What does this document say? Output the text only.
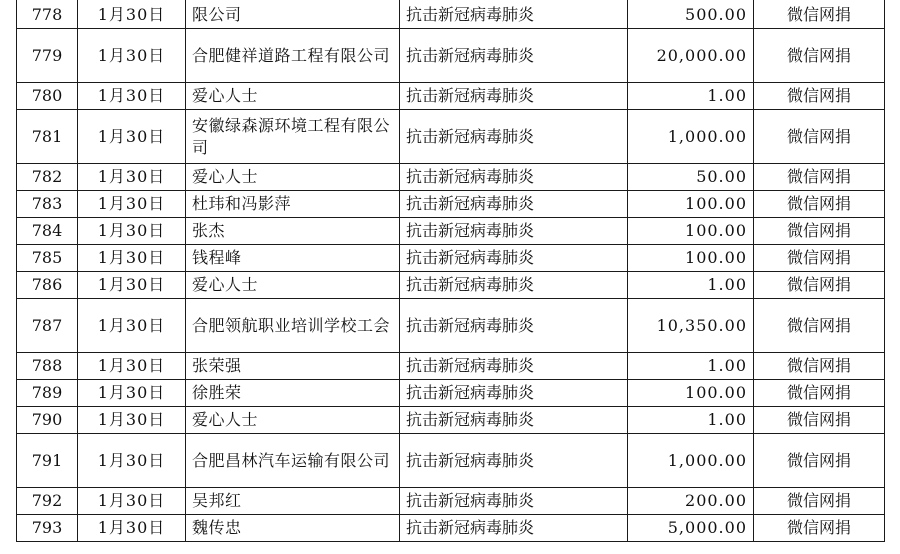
778	1月30日	限公司	抗击新冠病毒肺炎	500.00	微信网捐
779	1月30日	合肥健祥道路工程有限公司	抗击新冠病毒肺炎	20,000.00	微信网捐
780	1月30日	爱心人士	抗击新冠病毒肺炎	1.00	微信网捐
781	1月30日	安徽绿森源环境工程有限公司	抗击新冠病毒肺炎	1,000.00	微信网捐
782	1月30日	爱心人士	抗击新冠病毒肺炎	50.00	微信网捐
783	1月30日	杜玮和冯影萍	抗击新冠病毒肺炎	100.00	微信网捐
784	1月30日	张杰	抗击新冠病毒肺炎	100.00	微信网捐
785	1月30日	钱程峰	抗击新冠病毒肺炎	100.00	微信网捐
786	1月30日	爱心人士	抗击新冠病毒肺炎	1.00	微信网捐
787	1月30日	合肥领航职业培训学校工会	抗击新冠病毒肺炎	10,350.00	微信网捐
788	1月30日	张荣强	抗击新冠病毒肺炎	1.00	微信网捐
789	1月30日	徐胜荣	抗击新冠病毒肺炎	100.00	微信网捐
790	1月30日	爱心人士	抗击新冠病毒肺炎	1.00	微信网捐
791	1月30日	合肥昌林汽车运输有限公司	抗击新冠病毒肺炎	1,000.00	微信网捐
792	1月30日	吴邦红	抗击新冠病毒肺炎	200.00	微信网捐
793	1月30日	魏传忠	抗击新冠病毒肺炎	5,000.00	微信网捐
